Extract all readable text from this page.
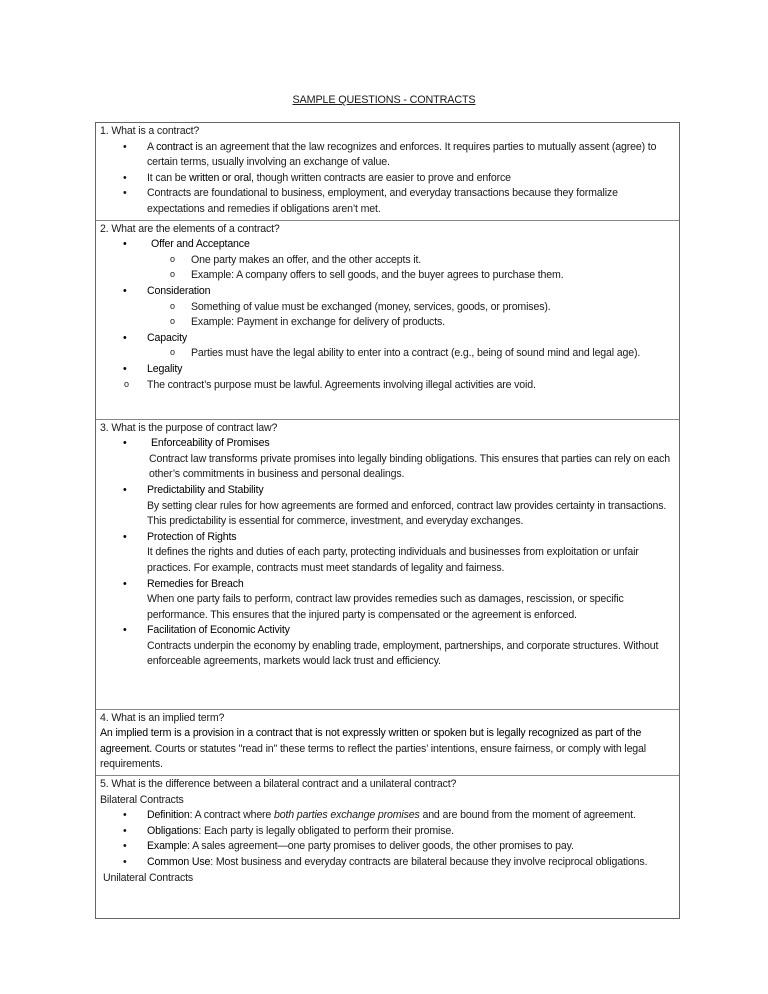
SAMPLE QUESTIONS - CONTRACTS
1. What is a contract?
• A contract is an agreement that the law recognizes and enforces. It requires parties to mutually assent (agree) to certain terms, usually involving an exchange of value.
• It can be written or oral, though written contracts are easier to prove and enforce
• Contracts are foundational to business, employment, and everyday transactions because they formalize expectations and remedies if obligations aren’t met.
2. What are the elements of a contract?
• Offer and Acceptance
o One party makes an offer, and the other accepts it.
o Example: A company offers to sell goods, and the buyer agrees to purchase them.
• Consideration
o Something of value must be exchanged (money, services, goods, or promises).
o Example: Payment in exchange for delivery of products.
• Capacity
o Parties must have the legal ability to enter into a contract (e.g., being of sound mind and legal age).
• Legality
o The contract’s purpose must be lawful. Agreements involving illegal activities are void.
3. What is the purpose of contract law?
• Enforceability of Promises
Contract law transforms private promises into legally binding obligations. This ensures that parties can rely on each other’s commitments in business and personal dealings.
• Predictability and Stability
By setting clear rules for how agreements are formed and enforced, contract law provides certainty in transactions. This predictability is essential for commerce, investment, and everyday exchanges.
• Protection of Rights
It defines the rights and duties of each party, protecting individuals and businesses from exploitation or unfair practices. For example, contracts must meet standards of legality and fairness.
• Remedies for Breach
When one party fails to perform, contract law provides remedies such as damages, rescission, or specific performance. This ensures that the injured party is compensated or the agreement is enforced.
• Facilitation of Economic Activity
Contracts underpin the economy by enabling trade, employment, partnerships, and corporate structures. Without enforceable agreements, markets would lack trust and efficiency.
4. What is an implied term?
An implied term is a provision in a contract that is not expressly written or spoken but is legally recognized as part of the agreement. Courts or statutes "read in" these terms to reflect the parties’ intentions, ensure fairness, or comply with legal requirements.
5. What is the difference between a bilateral contract and a unilateral contract?
Bilateral Contracts
• Definition: A contract where both parties exchange promises and are bound from the moment of agreement.
• Obligations: Each party is legally obligated to perform their promise.
• Example: A sales agreement—one party promises to deliver goods, the other promises to pay.
• Common Use: Most business and everyday contracts are bilateral because they involve reciprocal obligations.
Unilateral Contracts
